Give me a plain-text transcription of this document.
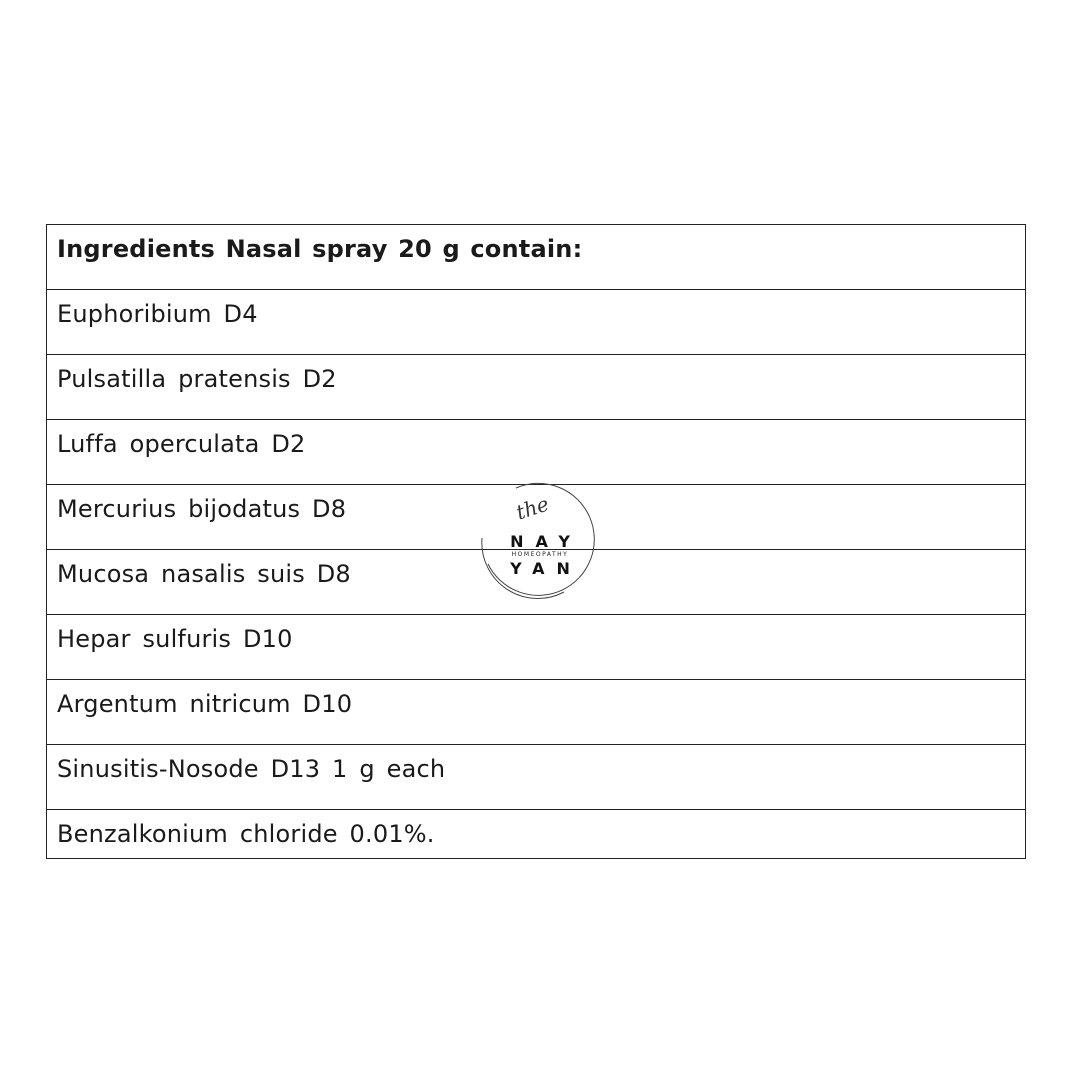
Ingredients Nasal spray 20 g contain:

Euphoribium D4

Pulsatilla pratensis D2

Luffa operculata D2

Mercurius bijodatus D8

Mucosa nasalis suis D8

Hepar sulfuris D10

Argentum nitricum D10

Sinusitis-Nosode D13 1 g each

Benzalkonium chloride 0.01%.
the
NAY
HOMEOPATHY
YAN
